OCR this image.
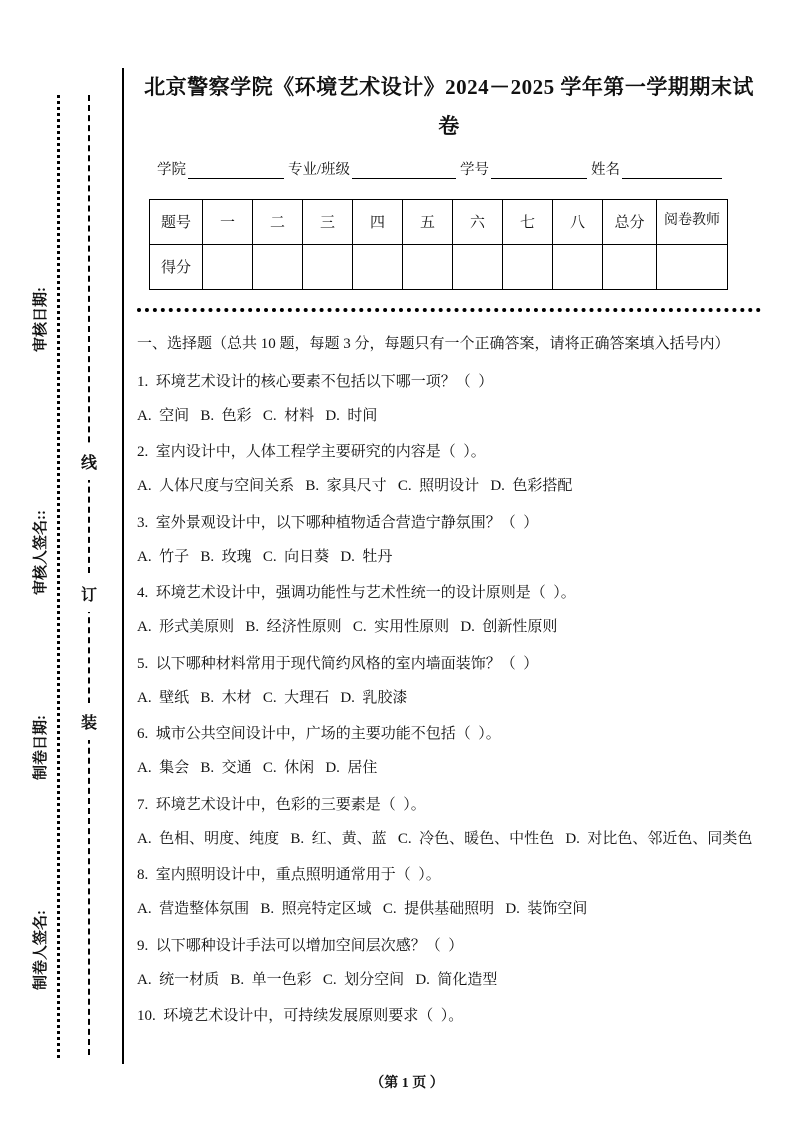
审核日期:
审核人签名::
制卷日期:
制卷人签名:
线
订
装
北京警察学院《环境艺术设计》2024－2025 学年第一学期期末试卷
学院	专业/班级	学号	姓名
题号	一	二	三	四	五	六	七	八	总分	阅卷教师
得分										
一、选择题（总共 10 题，每题 3 分，每题只有一个正确答案，请将正确答案填入括号内）
1.  环境艺术设计的核心要素不包括以下哪一项？（  ）
A.  空间   B.  色彩   C.  材料   D.  时间
2.  室内设计中，人体工程学主要研究的内容是（  ）。
A.  人体尺度与空间关系   B.  家具尺寸   C.  照明设计   D.  色彩搭配
3.  室外景观设计中，以下哪种植物适合营造宁静氛围？（  ）
A.  竹子   B.  玫瑰   C.  向日葵   D.  牡丹
4.  环境艺术设计中，强调功能性与艺术性统一的设计原则是（  ）。
A.  形式美原则   B.  经济性原则   C.  实用性原则   D.  创新性原则
5.  以下哪种材料常用于现代简约风格的室内墙面装饰？（  ）
A.  壁纸   B.  木材   C.  大理石   D.  乳胶漆
6.  城市公共空间设计中，广场的主要功能不包括（  ）。
A.  集会   B.  交通   C.  休闲   D.  居住
7.  环境艺术设计中，色彩的三要素是（  ）。
A.  色相、明度、纯度   B.  红、黄、蓝   C.  冷色、暖色、中性色   D.  对比色、邻近色、同类色
8.  室内照明设计中，重点照明通常用于（  ）。
A.  营造整体氛围   B.  照亮特定区域   C.  提供基础照明   D.  装饰空间
9.  以下哪种设计手法可以增加空间层次感？（  ）
A.  统一材质   B.  单一色彩   C.  划分空间   D.  简化造型
10.  环境艺术设计中，可持续发展原则要求（  ）。
（第 1 页 ）
